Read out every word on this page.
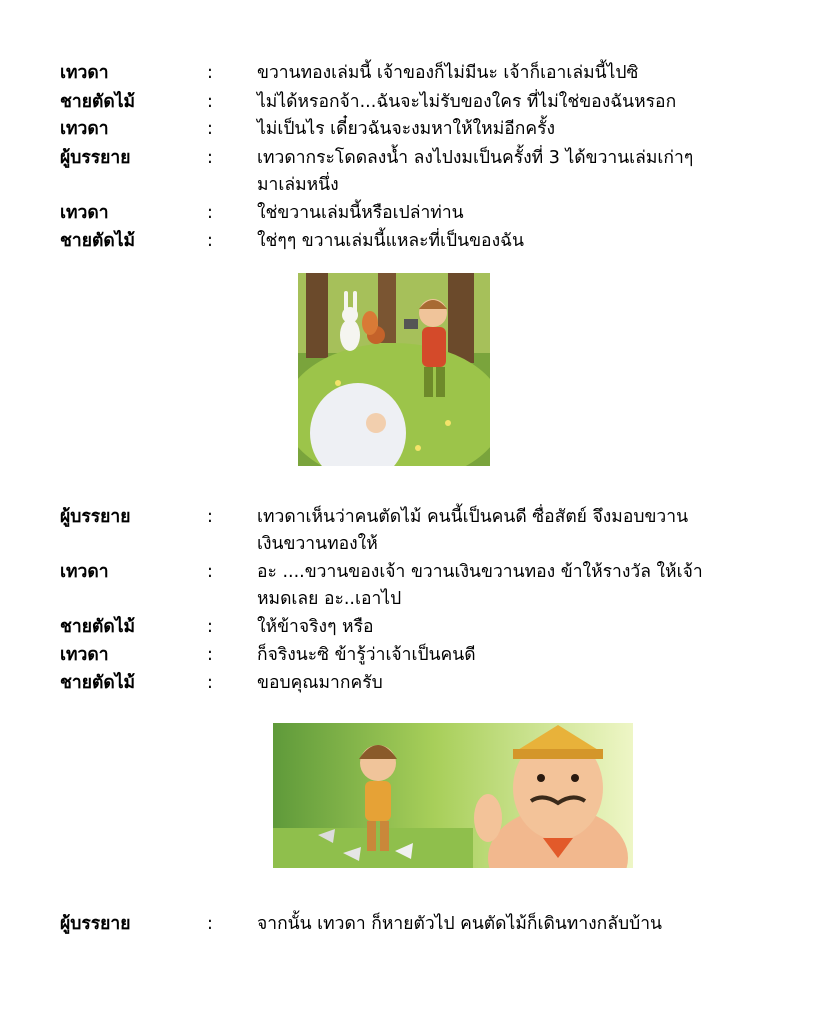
เทวดา	:	ขวานทองเล่มนี้ เจ้าของก็ไม่มีนะ เจ้าก็เอาเล่มนี้ไปซิ
ชายตัดไม้	:	ไม่ได้หรอกจ้า...ฉันจะไม่รับของใคร ที่ไม่ใช่ของฉันหรอก
เทวดา	:	ไม่เป็นไร เดี๋ยวฉันจะงมหาให้ใหม่อีกครั้ง
ผู้บรรยาย	:	เทวดากระโดดลงน้ำ ลงไปงมเป็นครั้งที่ 3 ได้ขวานเล่มเก่าๆ
มาเล่มหนึ่ง
เทวดา	:	ใช่ขวานเล่มนี้หรือเปล่าท่าน
ชายตัดไม้	:	ใช่ๆๆ ขวานเล่มนี้แหละที่เป็นของฉัน
ผู้บรรยาย	:	เทวดาเห็นว่าคนตัดไม้ คนนี้เป็นคนดี ซื่อสัตย์ จึงมอบขวาน
เงินขวานทองให้
เทวดา	:	อะ ....ขวานของเจ้า ขวานเงินขวานทอง ข้าให้รางวัล ให้เจ้า
หมดเลย อะ..เอาไป
ชายตัดไม้	:	ให้ข้าจริงๆ หรือ
เทวดา	:	ก็จริงนะซิ ข้ารู้ว่าเจ้าเป็นคนดี
ชายตัดไม้	:	ขอบคุณมากครับ
ผู้บรรยาย	:	จากนั้น เทวดา ก็หายตัวไป คนตัดไม้ก็เดินทางกลับบ้าน
